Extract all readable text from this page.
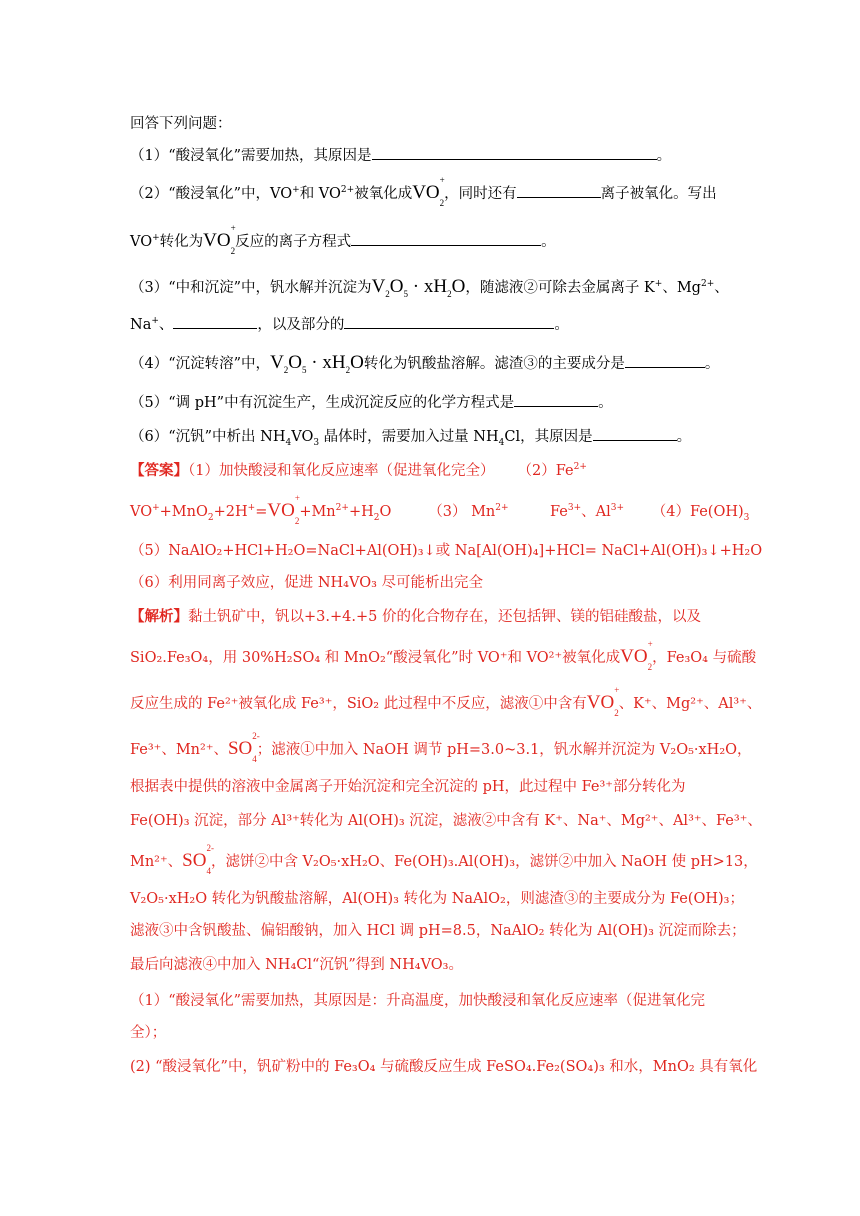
回答下列问题：
（1）“酸浸氧化”需要加热，其原因是	。
（2）“酸浸氧化”中，VO+和 $VO^{2+}$被氧化成VO
+
$_2$，同时还有	离子被氧化。写出
VO+转化为VO
+
$_2$反应的离子方程式	。
（3）“中和沉淀”中，钒水解并沉淀为$V_2O_5 \cdot xH_2O$，随滤液②可除去金属离子 K+、$Mg^{2+}$、
Na+、	，以及部分的	。
（4）“沉淀转溶”中，$V_2O_5 \cdot xH_2O$转化为钒酸盐溶解。滤渣③的主要成分是	。
（5）“调 pH”中有沉淀生产，生成沉淀反应的化学方程式是	。
（6）“沉钒”中析出 $NH_4VO_3$ 晶体时，需要加入过量 $NH_4Cl$，其原因是	。
【答案】（1）加快酸浸和氧化反应速率（促进氧化完全） $(2)Fe^{2+}$
VO++MnO$_2$+2H+=VO
+
$_2+Mn^{2+}+H_2O$	（3） $Mn^{2+}$	$Fe^{3+}$、$Al^{3+}$ $(4)Fe(OH)_3$
（5）NaAlO₂+HCl+H₂O=NaCl+Al(OH)₃↓或 Na[Al(OH)₄]+HCl= NaCl+Al(OH)₃↓+H₂O
（6）利用同离子效应，促进 NH₄VO₃ 尽可能析出完全
【解析】黏土钒矿中，钒以+3.+4.+5 价的化合物存在，还包括钾、镁的铝硅酸盐，以及
SiO₂.Fe₃O₄，用 30%H₂SO₄ 和 MnO₂“酸浸氧化”时 VO⁺和 VO²⁺被氧化成VO
+
$_2$，Fe₃O₄ 与硫酸
反应生成的 Fe²⁺被氧化成 Fe³⁺，SiO₂ 此过程中不反应，滤液①中含有VO
+
$_2$、K⁺、Mg²⁺、Al³⁺、
Fe³⁺、Mn²⁺、SO
2-
$_4$；滤液①中加入 NaOH 调节 pH=3.0~3.1，钒水解并沉淀为 V₂O₅·xH₂O，
根据表中提供的溶液中金属离子开始沉淀和完全沉淀的 pH，此过程中 Fe³⁺部分转化为
Fe(OH)₃ 沉淀，部分 Al³⁺转化为 Al(OH)₃ 沉淀，滤液②中含有 K⁺、Na⁺、Mg²⁺、Al³⁺、Fe³⁺、
Mn²⁺、SO
2-
$_4$，滤饼②中含 V₂O₅·xH₂O、Fe(OH)₃.Al(OH)₃，滤饼②中加入 NaOH 使 pH>13，
V₂O₅·xH₂O 转化为钒酸盐溶解，Al(OH)₃ 转化为 NaAlO₂，则滤渣③的主要成分为 Fe(OH)₃；
滤液③中含钒酸盐、偏铝酸钠，加入 HCl 调 pH=8.5，NaAlO₂ 转化为 Al(OH)₃ 沉淀而除去；
最后向滤液④中加入 NH₄Cl“沉钒”得到 NH₄VO₃。
（1）“酸浸氧化”需要加热，其原因是：升高温度，加快酸浸和氧化反应速率（促进氧化完
全）；
(2) “酸浸氧化”中，钒矿粉中的 Fe₃O₄ 与硫酸反应生成 FeSO₄.Fe₂(SO₄)₃ 和水，MnO₂ 具有氧化
